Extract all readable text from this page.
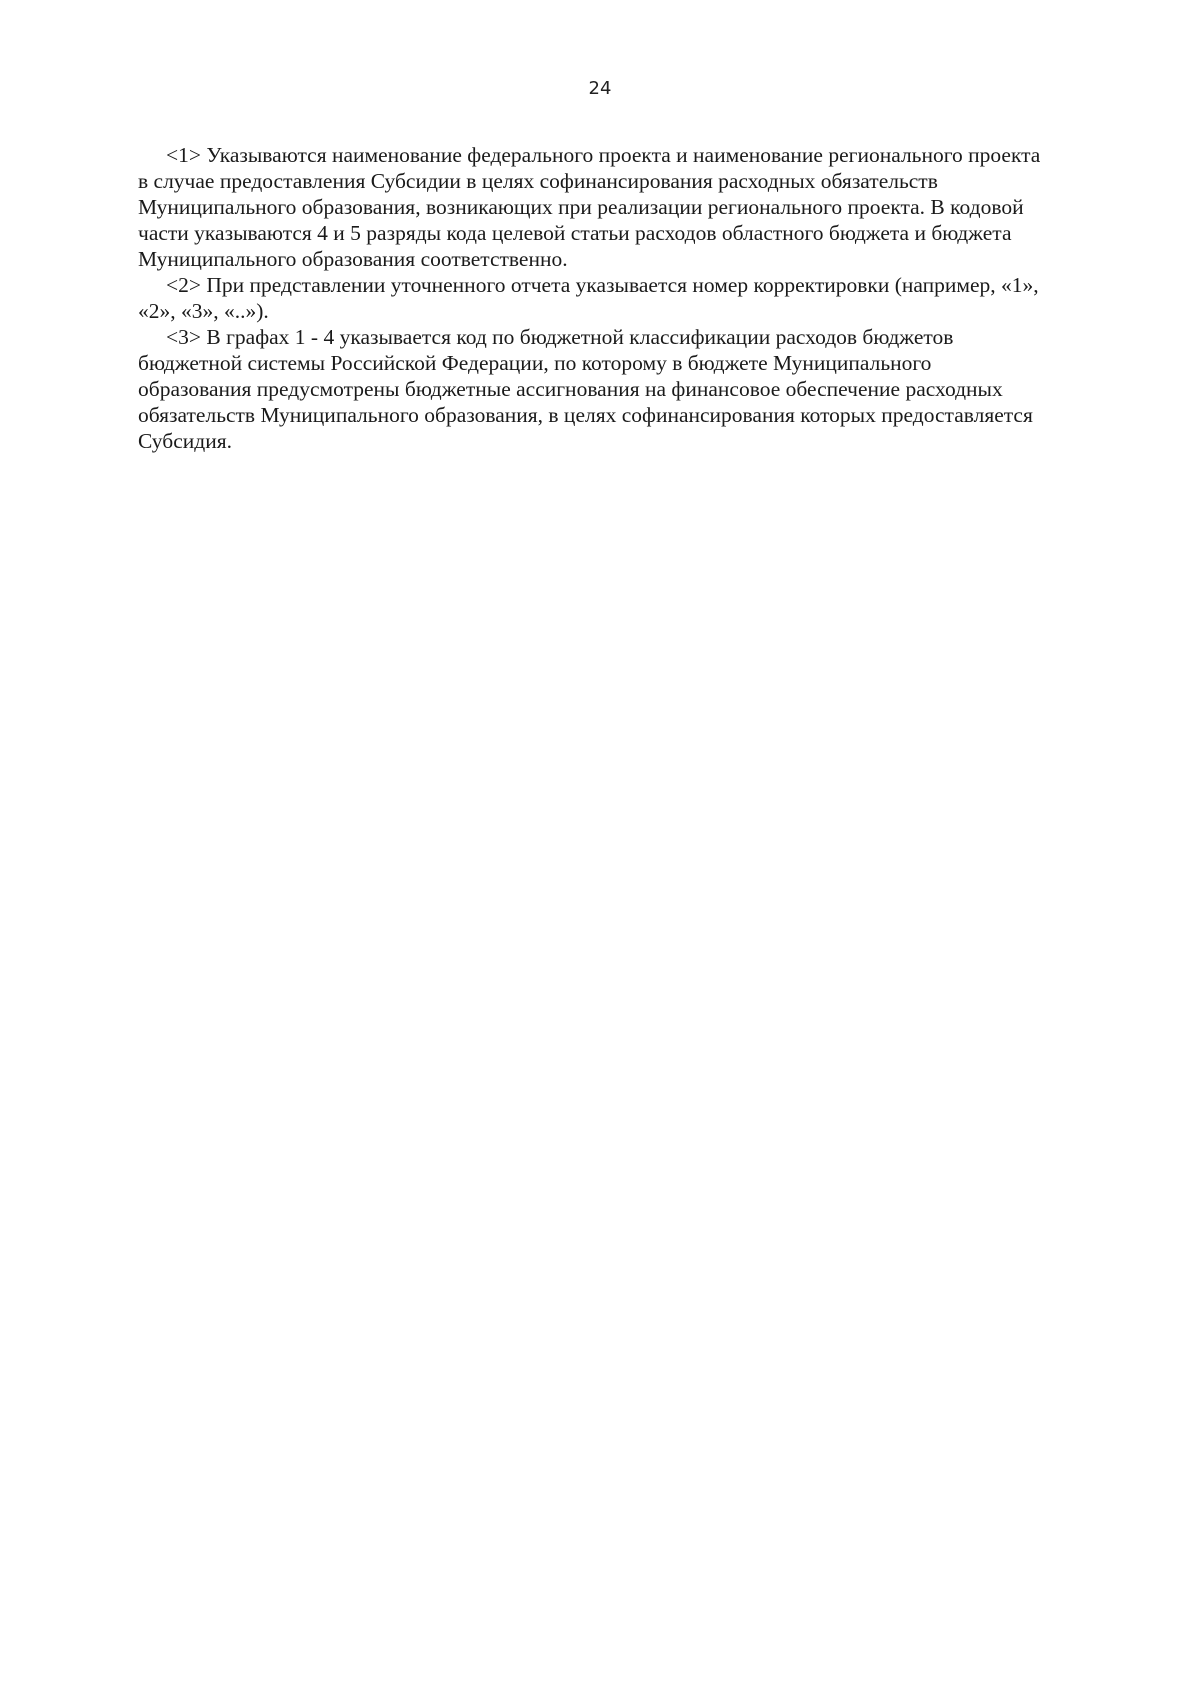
24

<1> Указываются наименование федерального проекта и наименование регионального проекта
в случае предоставления Субсидии в целях софинансирования расходных обязательств
Муниципального образования, возникающих при реализации регионального проекта. В кодовой
части указываются 4 и 5 разряды кода целевой статьи расходов областного бюджета и бюджета
Муниципального образования соответственно.

<2> При представлении уточненного отчета указывается номер корректировки (например, «1»,
«2», «3», «..»).

<3> В графах 1 - 4 указывается код по бюджетной классификации расходов бюджетов
бюджетной системы Российской Федерации, по которому в бюджете Муниципального
образования предусмотрены бюджетные ассигнования на финансовое обеспечение расходных
обязательств Муниципального образования, в целях софинансирования которых предоставляется
Субсидия.
